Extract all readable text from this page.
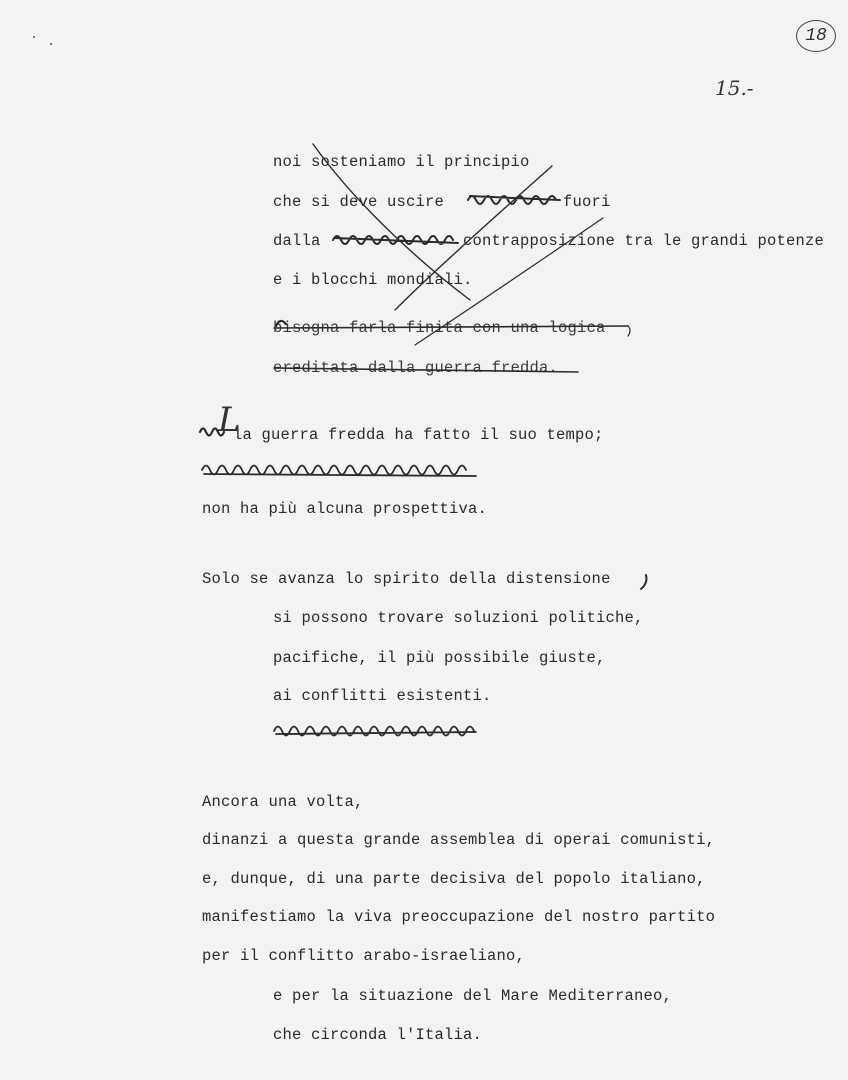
18
15.-
noi sosteniamo il principio
che si deve uscire	fuori
dalla	contrapposizione tra le grandi potenze
e i blocchi mondiali.
bisogna farla finita con una logica
ereditata dalla guerra fredda.
la guerra fredda ha fatto il suo tempo;
non ha più alcuna prospettiva.
Solo se avanza lo spirito della distensione
si possono trovare soluzioni politiche,
pacifiche, il più possibile giuste,
ai conflitti esistenti.
Ancora una volta,
dinanzi a questa grande assemblea di operai comunisti,
e, dunque, di una parte decisiva del popolo italiano,
manifestiamo la viva preoccupazione del nostro partito
per il conflitto arabo-israeliano,
e per la situazione del Mare Mediterraneo,
che circonda l'Italia.
L
